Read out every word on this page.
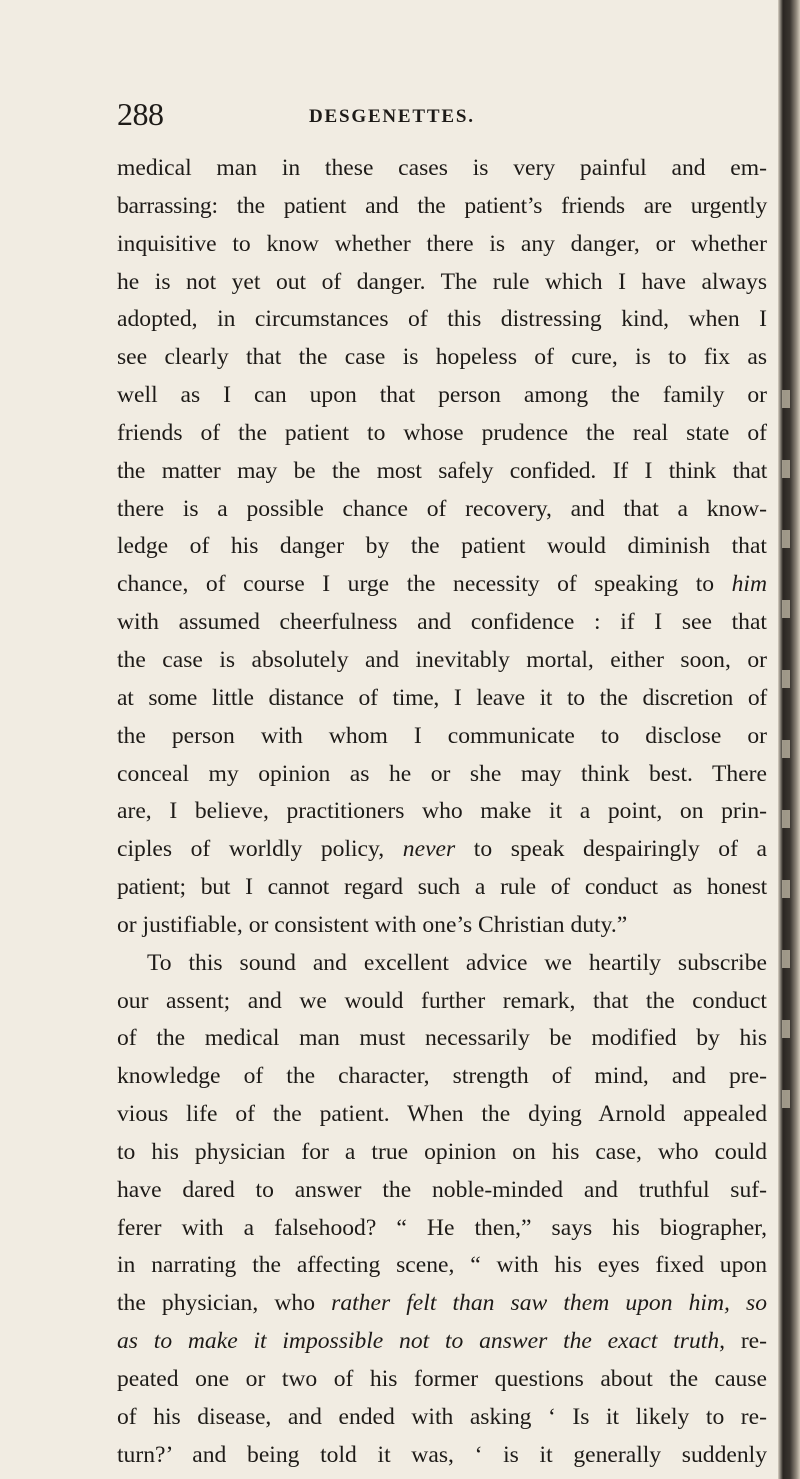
288	DESGENETTES.
medical man in these cases is very painful and em-
barrassing: the patient and the patient’s friends are urgently
inquisitive to know whether there is any danger, or whether
he is not yet out of danger. The rule which I have always
adopted, in circumstances of this distressing kind, when I
see clearly that the case is hopeless of cure, is to fix as
well as I can upon that person among the family or
friends of the patient to whose prudence the real state of
the matter may be the most safely confided. If I think that
there is a possible chance of recovery, and that a know-
ledge of his danger by the patient would diminish that
chance, of course I urge the necessity of speaking to him
with assumed cheerfulness and confidence : if I see that
the case is absolutely and inevitably mortal, either soon, or
at some little distance of time, I leave it to the discretion of
the person with whom I communicate to disclose or
conceal my opinion as he or she may think best. There
are, I believe, practitioners who make it a point, on prin-
ciples of worldly policy, never to speak despairingly of a
patient; but I cannot regard such a rule of conduct as honest
or justifiable, or consistent with one’s Christian duty.”
To this sound and excellent advice we heartily subscribe
our assent; and we would further remark, that the conduct
of the medical man must necessarily be modified by his
knowledge of the character, strength of mind, and pre-
vious life of the patient. When the dying Arnold appealed
to his physician for a true opinion on his case, who could
have dared to answer the noble-minded and truthful suf-
ferer with a falsehood? “ He then,” says his biographer,
in narrating the affecting scene, “ with his eyes fixed upon
the physician, who rather felt than saw them upon him, so
as to make it impossible not to answer the exact truth, re-
peated one or two of his former questions about the cause
of his disease, and ended with asking ‘ Is it likely to re-
turn?’ and being told it was, ‘ is it generally suddenly
